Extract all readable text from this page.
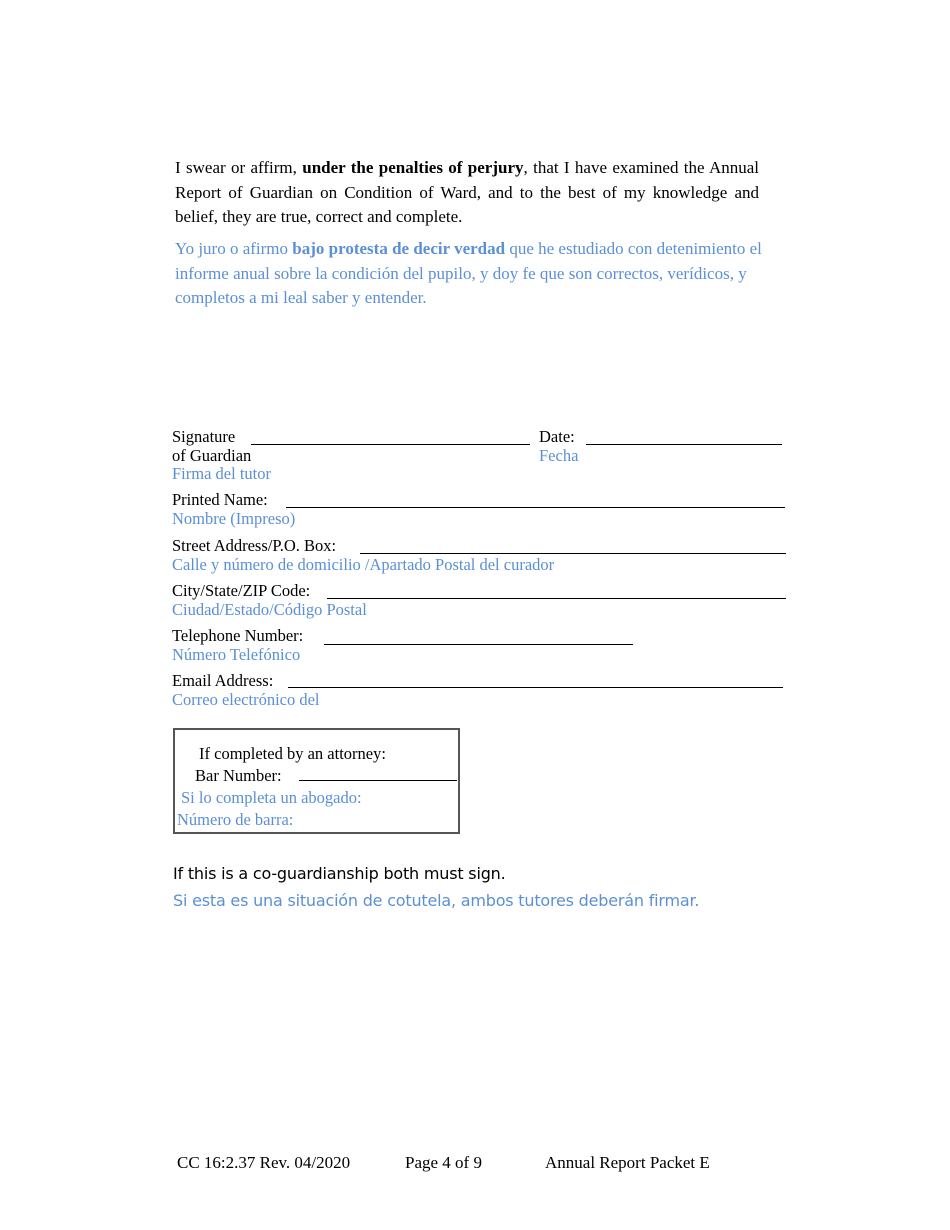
I swear or affirm, under the penalties of perjury, that I have examined the Annual Report of Guardian on Condition of Ward, and to the best of my knowledge and belief, they are true, correct and complete.
Yo juro o afirmo bajo protesta de decir verdad que he estudiado con detenimiento el informe anual sobre la condición del pupilo, y doy fe que son correctos, verídicos, y completos a mi leal saber y entender.
Signature
of Guardian
Firma del tutor
Date:
Fecha
Printed Name:
Nombre (Impreso)
Street Address/P.O. Box:
Calle y número de domicilio /Apartado Postal del curador
City/State/ZIP Code:
Ciudad/Estado/Código Postal
Telephone Number:
Número Telefónico
Email Address:
Correo electrónico del
If completed by an attorney:
Bar Number:
Si lo completa un abogado:
Número de barra:
If this is a co-guardianship both must sign.
Si esta es una situación de cotutela, ambos tutores deberán firmar.
CC 16:2.37 Rev. 04/2020	Page 4 of 9	Annual Report Packet E
